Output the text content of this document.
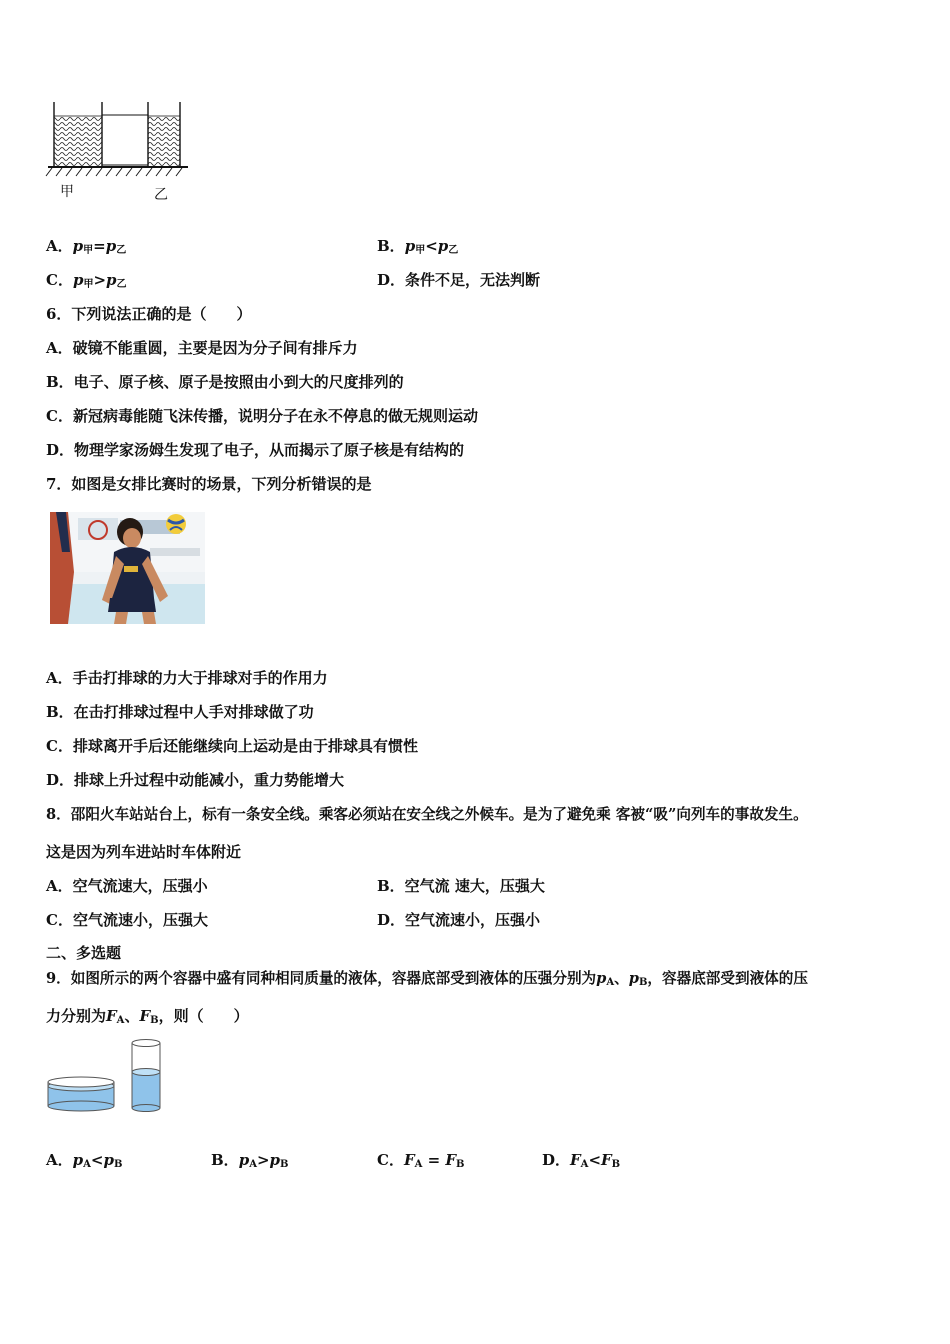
甲	乙
A．$p_甲=p_乙$	B．$p_甲<p_乙$
C．$p_甲>p_乙$	D．条件不足，无法判断
6．下列说法正确的是（　　）
A．破镜不能重圆，主要是因为分子间有排斥力
B．电子、原子核、原子是按照由小到大的尺度排列的
C．新冠病毒能随飞沫传播，说明分子在永不停息的做无规则运动
D．物理学家汤姆生发现了电子，从而揭示了原子核是有结构的
7．如图是女排比赛时的场景，下列分析错误的是
A．手击打排球的力大于排球对手的作用力
B．在击打排球过程中人手对排球做了功
C．排球离开手后还能继续向上运动是由于排球具有惯性
D．排球上升过程中动能减小，重力势能增大
8．邵阳火车站站台上，标有一条安全线。乘客必须站在安全线之外候车。是为了避免乘 客被“吸”向列车的事故发生。
这是因为列车进站时车体附近
A．空气流速大，压强小	B．空气流 速大，压强大
C．空气流速小，压强大	D．空气流速小，压强小
二、多选题
9．如图所示的两个容器中盛有同种相同质量的液体，容器底部受到液体的压强分别为$p_A$、$p_B$，容器底部受到液体的压
力分别为$F_A$、$F_B$，则（　　）
A．$p_A<p_B$	B．$p_A>p_B$	C．$F_A = F_B$	D．$F_A<F_B$
